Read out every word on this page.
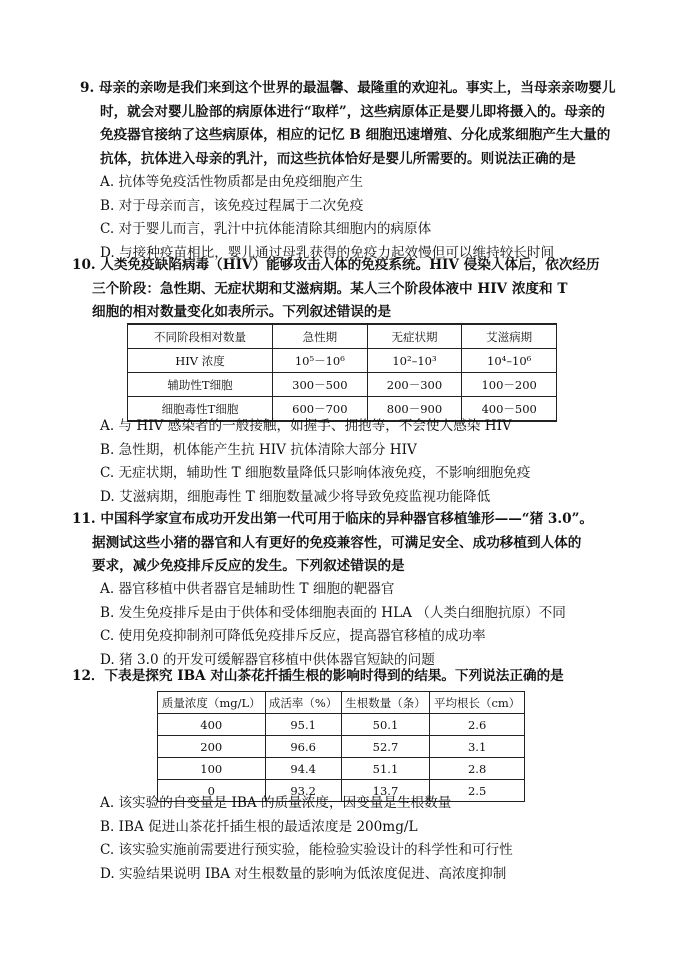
9. 母亲的亲吻是我们来到这个世界的最温馨、最隆重的欢迎礼。事实上，当母亲亲吻婴儿
时，就会对婴儿脸部的病原体进行“取样”，这些病原体正是婴儿即将摄入的。母亲的
免疫器官接纳了这些病原体，相应的记忆 B 细胞迅速增殖、分化成浆细胞产生大量的
抗体，抗体进入母亲的乳汁，而这些抗体恰好是婴儿所需要的。则说法正确的是
A. 抗体等免疫活性物质都是由免疫细胞产生
B. 对于母亲而言，该免疫过程属于二次免疫
C. 对于婴儿而言，乳汁中抗体能清除其细胞内的病原体
D. 与接种疫苗相比，婴儿通过母乳获得的免疫力起效慢但可以维持较长时间
10. 人类免疫缺陷病毒（HIV）能够攻击人体的免疫系统。HIV 侵染人体后，依次经历
三个阶段：急性期、无症状期和艾滋病期。某人三个阶段体液中 HIV 浓度和 T
细胞的相对数量变化如表所示。下列叙述错误的是
不同阶段相对数量	急性期	无症状期	艾滋病期
HIV 浓度	10⁵－10⁶	10²–10³	10⁴–10⁶
辅助性T细胞	300－500	200－300	100－200
细胞毒性T细胞	600－700	800－900	400－500
A. 与 HIV 感染者的一般接触，如握手、拥抱等，不会使人感染 HIV
B. 急性期，机体能产生抗 HIV 抗体清除大部分 HIV
C. 无症状期，辅助性 T 细胞数量降低只影响体液免疫，不影响细胞免疫
D. 艾滋病期，细胞毒性 T 细胞数量减少将导致免疫监视功能降低
11. 中国科学家宣布成功开发出第一代可用于临床的异种器官移植雏形——“猪 3.0”。
据测试这些小猪的器官和人有更好的免疫兼容性，可满足安全、成功移植到人体的
要求，减少免疫排斥反应的发生。下列叙述错误的是
A. 器官移植中供者器官是辅助性 T 细胞的靶器官
B. 发生免疫排斥是由于供体和受体细胞表面的 HLA （人类白细胞抗原）不同
C. 使用免疫抑制剂可降低免疫排斥反应，提高器官移植的成功率
D. 猪 3.0 的开发可缓解器官移植中供体器官短缺的问题
12．下表是探究 IBA 对山茶花扦插生根的影响时得到的结果。下列说法正确的是
质量浓度（mg/L）	成活率（%）	生根数量（条）	平均根长（cm）
400	95.1	50.1	2.6
200	96.6	52.7	3.1
100	94.4	51.1	2.8
0	93.2	13.7	2.5
A. 该实验的自变量是 IBA 的质量浓度，因变量是生根数量
B. IBA 促进山茶花扦插生根的最适浓度是 200mg/L
C. 该实验实施前需要进行预实验，能检验实验设计的科学性和可行性
D. 实验结果说明 IBA 对生根数量的影响为低浓度促进、高浓度抑制
